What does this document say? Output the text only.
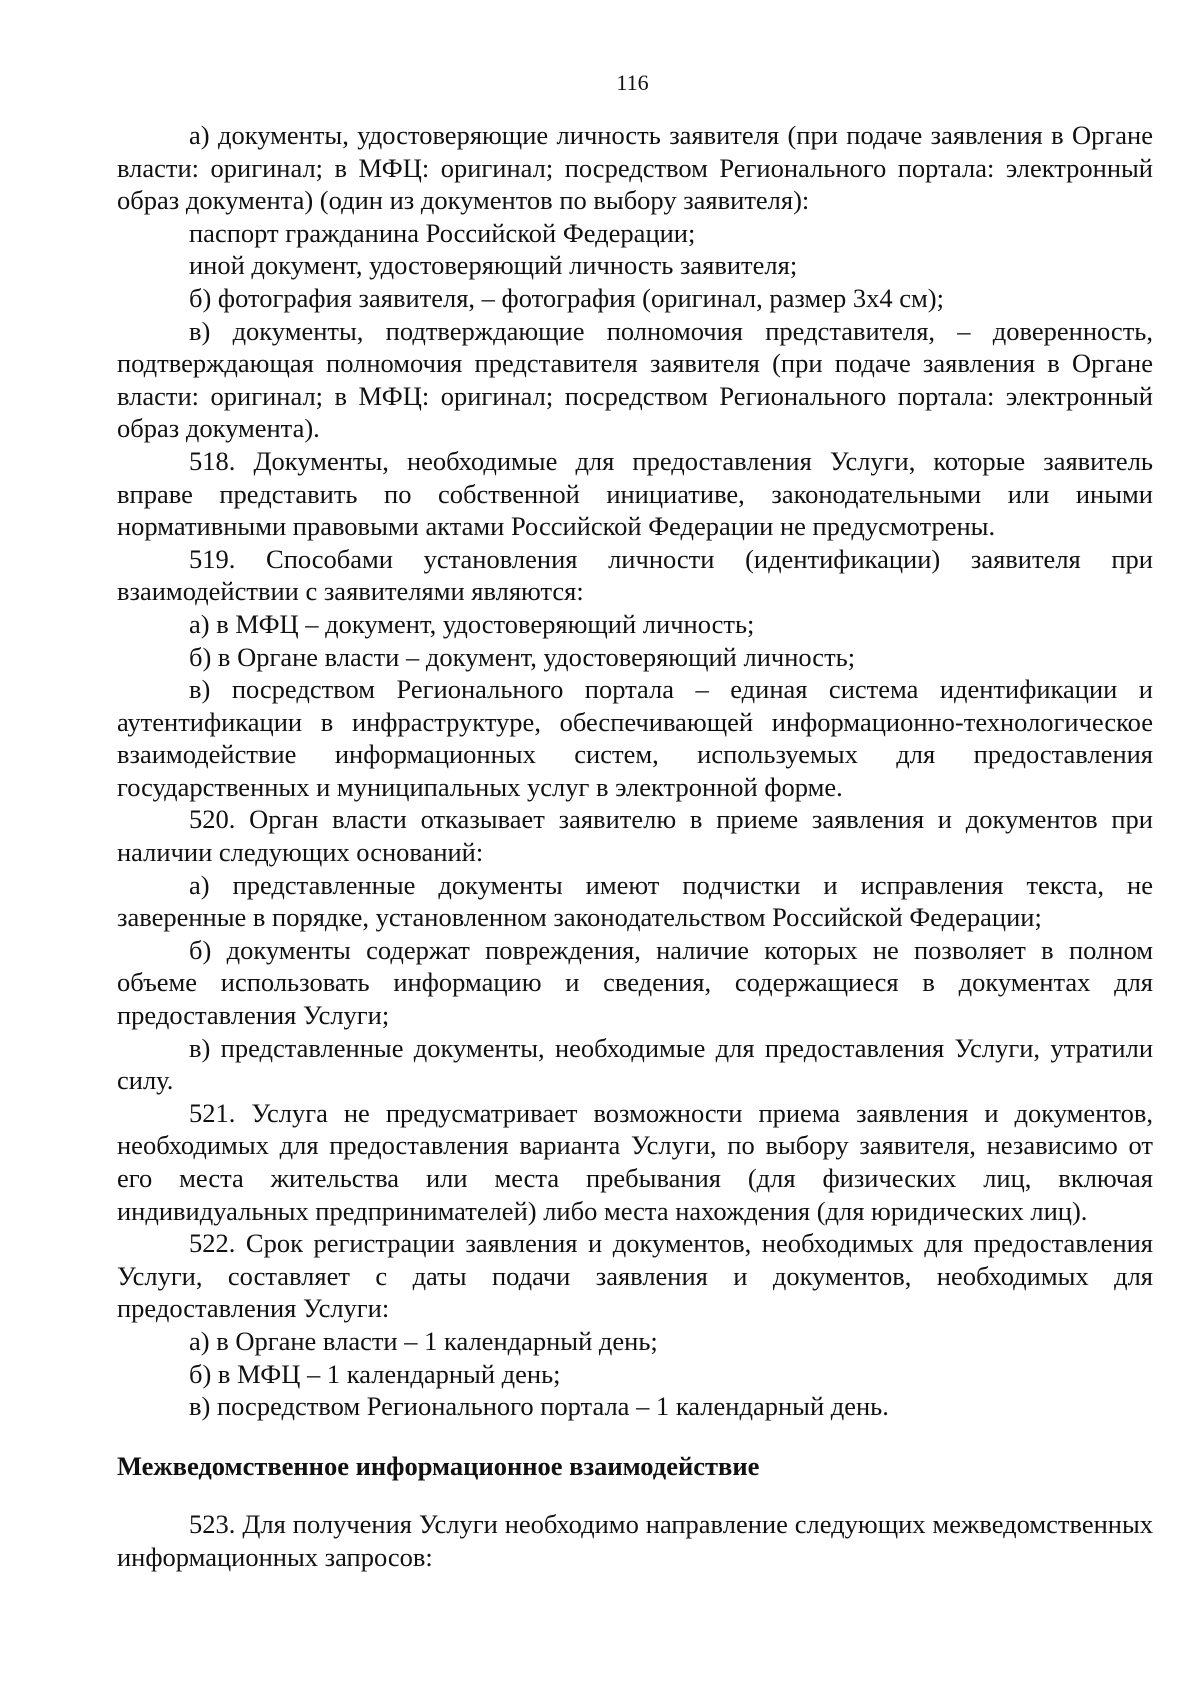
116

а) документы, удостоверяющие личность заявителя (при подаче заявления в Органе власти: оригинал; в МФЦ: оригинал; посредством Регионального портала: электронный образ документа) (один из документов по выбору заявителя):

паспорт гражданина Российской Федерации;

иной документ, удостоверяющий личность заявителя;

б) фотография заявителя, – фотография (оригинал, размер 3х4 см);

в) документы, подтверждающие полномочия представителя, – доверенность, подтверждающая полномочия представителя заявителя (при подаче заявления в Органе власти: оригинал; в МФЦ: оригинал; посредством Регионального портала: электронный образ документа).

518. Документы, необходимые для предоставления Услуги, которые заявитель вправе представить по собственной инициативе, законодательными или иными нормативными правовыми актами Российской Федерации не предусмотрены.

519. Способами установления личности (идентификации) заявителя при взаимодействии с заявителями являются:

а) в МФЦ – документ, удостоверяющий личность;

б) в Органе власти – документ, удостоверяющий личность;

в) посредством Регионального портала – единая система идентификации и аутентификации в инфраструктуре, обеспечивающей информационно-технологическое взаимодействие информационных систем, используемых для предоставления государственных и муниципальных услуг в электронной форме.

520. Орган власти отказывает заявителю в приеме заявления и документов при наличии следующих оснований:

а) представленные документы имеют подчистки и исправления текста, не заверенные в порядке, установленном законодательством Российской Федерации;

б) документы содержат повреждения, наличие которых не позволяет в полном объеме использовать информацию и сведения, содержащиеся в документах для предоставления Услуги;

в) представленные документы, необходимые для предоставления Услуги, утратили силу.

521. Услуга не предусматривает возможности приема заявления и документов, необходимых для предоставления варианта Услуги, по выбору заявителя, независимо от его места жительства или места пребывания (для физических лиц, включая индивидуальных предпринимателей) либо места нахождения (для юридических лиц).

522. Срок регистрации заявления и документов, необходимых для предоставления Услуги, составляет с даты подачи заявления и документов, необходимых для предоставления Услуги:

а) в Органе власти – 1 календарный день;

б) в МФЦ – 1 календарный день;

в) посредством Регионального портала – 1 календарный день.

Межведомственное информационное взаимодействие

523. Для получения Услуги необходимо направление следующих межведомственных информационных запросов:
